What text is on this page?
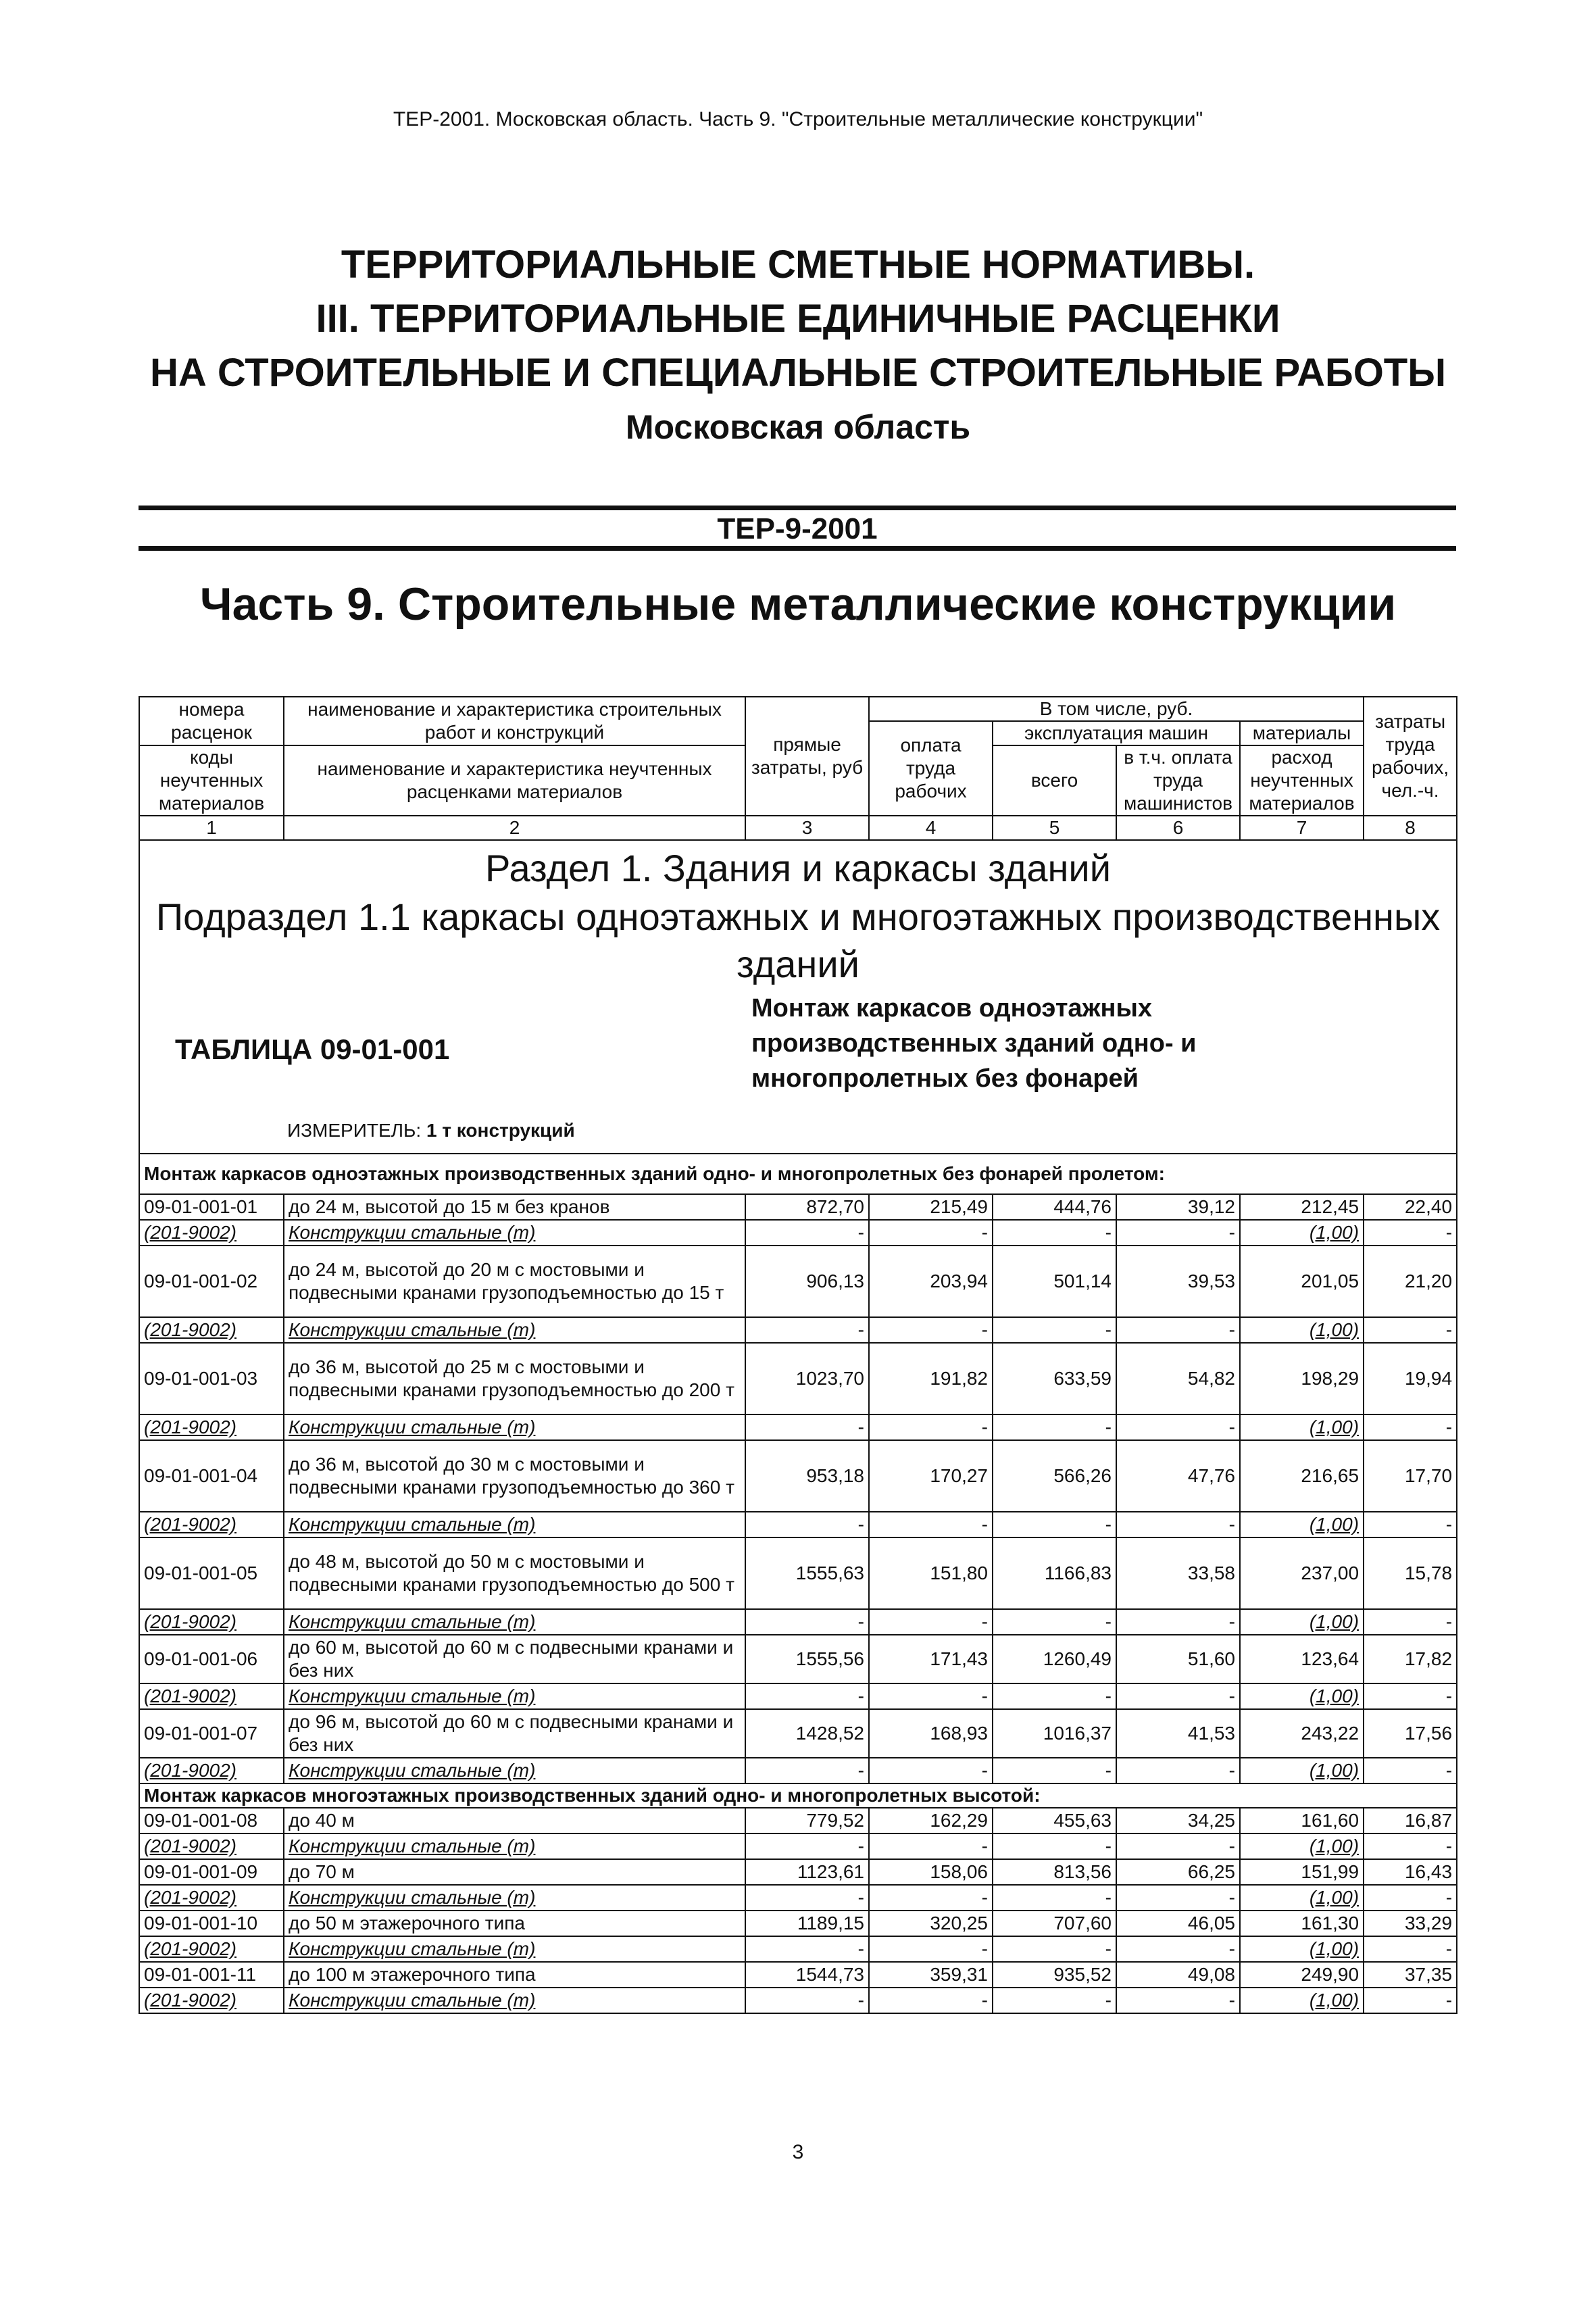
ТЕР-2001. Московская область. Часть 9. "Строительные металлические конструкции"
ТЕРРИТОРИАЛЬНЫЕ СМЕТНЫЕ НОРМАТИВЫ.
III. ТЕРРИТОРИАЛЬНЫЕ ЕДИНИЧНЫЕ РАСЦЕНКИ
НА СТРОИТЕЛЬНЫЕ И СПЕЦИАЛЬНЫЕ СТРОИТЕЛЬНЫЕ РАБОТЫ
Московская область
ТЕР-9-2001
Часть 9. Строительные металлические конструкции
номера расценок	наименование и характеристика строительных работ и конструкций	прямые затраты, руб	В том числе, руб.				затраты труда рабочих, чел.-ч.
			оплата труда рабочих	эксплуатация машин		материалы	
коды неучтенных материалов	наименование и характеристика неучтенных расценками материалов			всего	в т.ч. оплата труда машинистов	расход неучтенных материалов	

1	2	3	4	5	6	7	8

Раздел 1. Здания и каркасы зданий
Подраздел 1.1 каркасы одноэтажных и многоэтажных производственных зданий
ТАБЛИЦА 09-01-001
Монтаж каркасов одноэтажных производственных зданий одно- и многопролетных без фонарей
ИЗМЕРИТЕЛЬ: 1 т конструкций							

Монтаж каркасов одноэтажных производственных зданий одно- и многопролетных без фонарей пролетом:							
09-01-001-01	до 24 м, высотой до 15 м без кранов	872,70	215,49	444,76	39,12	212,45	22,40
(201-9002)	Конструкции стальные (т)	-	-	-	-	(1,00)	-
09-01-001-02	до 24 м, высотой до 20 м с мостовыми и подвесными кранами грузоподъемностью до 15 т	906,13	203,94	501,14	39,53	201,05	21,20
(201-9002)	Конструкции стальные (т)	-	-	-	-	(1,00)	-
09-01-001-03	до 36 м, высотой до 25 м с мостовыми и подвесными кранами грузоподъемностью до 200 т	1023,70	191,82	633,59	54,82	198,29	19,94
(201-9002)	Конструкции стальные (т)	-	-	-	-	(1,00)	-
09-01-001-04	до 36 м, высотой до 30 м с мостовыми и подвесными кранами грузоподъемностью до 360 т	953,18	170,27	566,26	47,76	216,65	17,70
(201-9002)	Конструкции стальные (т)	-	-	-	-	(1,00)	-
09-01-001-05	до 48 м, высотой до 50 м с мостовыми и подвесными кранами грузоподъемностью до 500 т	1555,63	151,80	1166,83	33,58	237,00	15,78
(201-9002)	Конструкции стальные (т)	-	-	-	-	(1,00)	-
09-01-001-06	до 60 м, высотой до 60 м с подвесными кранами и без них	1555,56	171,43	1260,49	51,60	123,64	17,82
(201-9002)	Конструкции стальные (т)	-	-	-	-	(1,00)	-
09-01-001-07	до 96 м, высотой до 60 м с подвесными кранами и без них	1428,52	168,93	1016,37	41,53	243,22	17,56
(201-9002)	Конструкции стальные (т)	-	-	-	-	(1,00)	-
Монтаж каркасов многоэтажных производственных зданий одно- и многопролетных высотой:							
09-01-001-08	до 40 м	779,52	162,29	455,63	34,25	161,60	16,87
(201-9002)	Конструкции стальные (т)	-	-	-	-	(1,00)	-
09-01-001-09	до 70 м	1123,61	158,06	813,56	66,25	151,99	16,43
(201-9002)	Конструкции стальные (т)	-	-	-	-	(1,00)	-
09-01-001-10	до 50 м этажерочного типа	1189,15	320,25	707,60	46,05	161,30	33,29
(201-9002)	Конструкции стальные (т)	-	-	-	-	(1,00)	-
09-01-001-11	до 100 м этажерочного типа	1544,73	359,31	935,52	49,08	249,90	37,35
(201-9002)	Конструкции стальные (т)	-	-	-	-	(1,00)	-
3
